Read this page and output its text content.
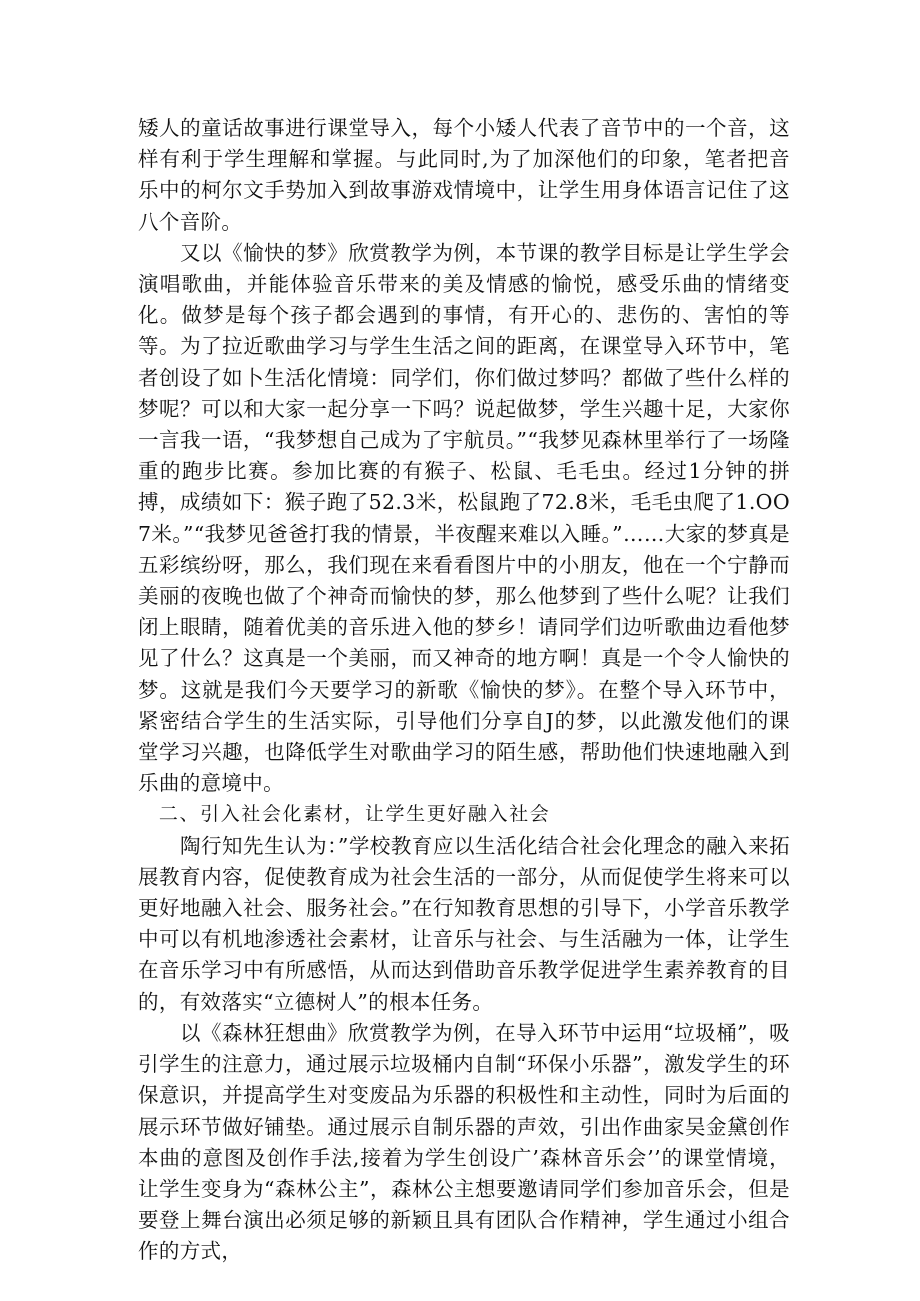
矮人的童话故事进行课堂导入，每个小矮人代表了音节中的一个音，这样有利于学生理解和掌握。与此同时,为了加深他们的印象，笔者把音乐中的柯尔文手势加入到故事游戏情境中，让学生用身体语言记住了这八个音阶。

又以《愉快的梦》欣赏教学为例，本节课的教学目标是让学生学会演唱歌曲，并能体验音乐带来的美及情感的愉悦，感受乐曲的情绪变化。做梦是每个孩子都会遇到的事情，有开心的、悲伤的、害怕的等等。为了拉近歌曲学习与学生生活之间的距离，在课堂导入环节中，笔者创设了如卜生活化情境：同学们，你们做过梦吗？都做了些什么样的梦呢？可以和大家一起分享一下吗？说起做梦，学生兴趣十足，大家你一言我一语，“我梦想自己成为了宇航员。”“我梦见森林里举行了一场隆重的跑步比赛。参加比赛的有猴子、松鼠、毛毛虫。经过1分钟的拼搏，成绩如下：猴子跑了52.3米，松鼠跑了72.8米，毛毛虫爬了1.OO7米。”“我梦见爸爸打我的情景，半夜醒来难以入睡。”……大家的梦真是五彩缤纷呀，那么，我们现在来看看图片中的小朋友，他在一个宁静而美丽的夜晚也做了个神奇而愉快的梦，那么他梦到了些什么呢？让我们闭上眼睛，随着优美的音乐进入他的梦乡！请同学们边听歌曲边看他梦见了什么？这真是一个美丽，而又神奇的地方啊！真是一个令人愉快的梦。这就是我们今天要学习的新歌《愉快的梦》。在整个导入环节中，紧密结合学生的生活实际，引导他们分享自J的梦，以此激发他们的课堂学习兴趣，也降低学生对歌曲学习的陌生感，帮助他们快速地融入到乐曲的意境中。

二、引入社会化素材，让学生更好融入社会

陶行知先生认为：”学校教育应以生活化结合社会化理念的融入来拓展教育内容，促使教育成为社会生活的一部分，从而促使学生将来可以更好地融入社会、服务社会。”在行知教育思想的引导下，小学音乐教学中可以有机地渗透社会素材，让音乐与社会、与生活融为一体，让学生在音乐学习中有所感悟，从而达到借助音乐教学促进学生素养教育的目的，有效落实“立德树人”的根本任务。

以《森林狂想曲》欣赏教学为例，在导入环节中运用“垃圾桶”，吸引学生的注意力，通过展示垃圾桶内自制“环保小乐器”，激发学生的环保意识，并提高学生对变废品为乐器的积极性和主动性，同时为后面的展示环节做好铺垫。通过展示自制乐器的声效，引出作曲家吴金黛创作本曲的意图及创作手法,接着为学生创设广’森林音乐会’’的课堂情境，让学生变身为“森林公主”，森林公主想要邀请同学们参加音乐会，但是要登上舞台演出必须足够的新颖且具有团队合作精神，学生通过小组合作的方式，
